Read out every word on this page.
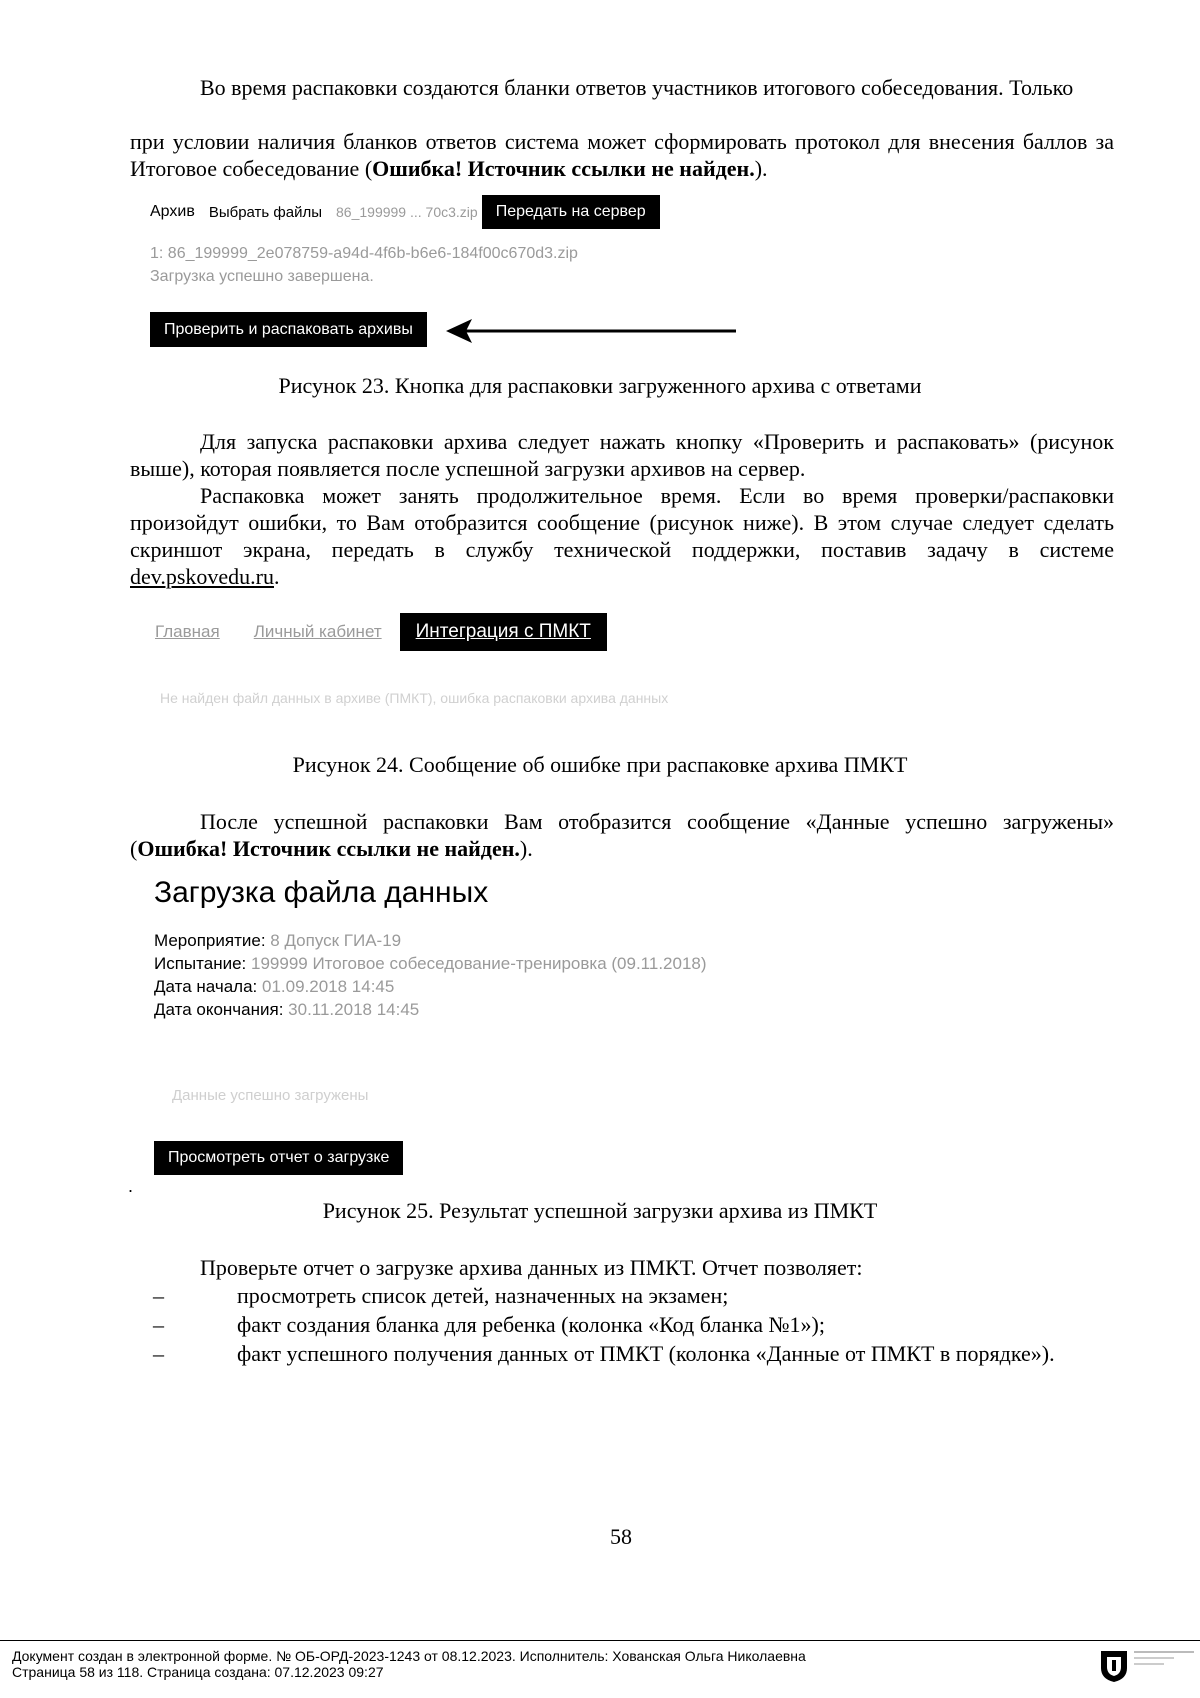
Во время распаковки создаются бланки ответов участников итогового собеседования. Только

при условии наличия бланков ответов система может сформировать протокол для внесения баллов за Итоговое собеседование (Ошибка! Источник ссылки не найден.).

Архив Выбрать файлы 86_199999 ... 70c3.zip	Передать на сервер
1: 86_199999_2e078759-a94d-4f6b-b6e6-184f00c670d3.zip
Загрузка успешно завершена.
Проверить и распаковать архивы

Рисунок 23. Кнопка для распаковки загруженного архива с ответами

Для запуска распаковки архива следует нажать кнопку «Проверить и распаковать» (рисунок выше), которая появляется после успешной загрузки архивов на сервер.

Распаковка может занять продолжительное время. Если во время проверки/распаковки произойдут ошибки, то Вам отобразится сообщение (рисунок ниже). В этом случае следует сделать скриншот экрана, передать в службу технической поддержки, поставив задачу в системе dev.pskovedu.ru.

Главная Личный кабинет	Интеграция с ПМКТ
Не найден файл данных в архиве (ПМКТ), ошибка распаковки архива данных

Рисунок 24. Сообщение об ошибке при распаковке архива ПМКТ

После успешной распаковки Вам отобразится сообщение «Данные успешно загружены» (Ошибка! Источник ссылки не найден.).

Загрузка файла данных
Мероприятие: 8 Допуск ГИА-19
Испытание: 199999 Итоговое собеседование-тренировка (09.11.2018)
Дата начала: 01.09.2018 14:45
Дата окончания: 30.11.2018 14:45
Данные успешно загружены
Просмотреть отчет о загрузке
.

Рисунок 25. Результат успешной загрузки архива из ПМКТ

Проверьте отчет о загрузке архива данных из ПМКТ. Отчет позволяет:

–	просмотреть список детей, назначенных на экзамен;
–	факт создания бланка для ребенка (колонка «Код бланка №1»);
–	факт успешного получения данных от ПМКТ (колонка «Данные от ПМКТ в порядке»).
58
Документ создан в электронной форме. № ОБ-ОРД-2023-1243 от 08.12.2023. Исполнитель: Хованская Ольга Николаевна
Страница 58 из 118. Страница создана: 07.12.2023 09:27
